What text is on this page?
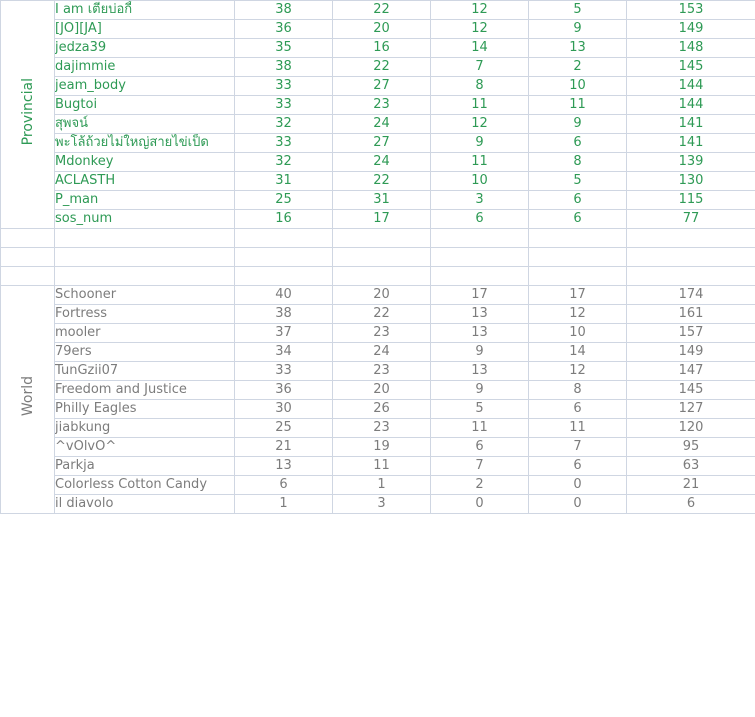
Provincial	I am เตียบ่อกี้	38	22	12	5	153
	[JO][JA]	36	20	12	9	149
	jedza39	35	16	14	13	148
	dajimmie	38	22	7	2	145
	jeam_body	33	27	8	10	144
	Bugtoi	33	23	11	11	144
	สุพจน์	32	24	12	9	141
	พะโล้ถ้วยไม่ใหญ่สายไข่เป็ด	33	27	9	6	141
	Mdonkey	32	24	11	8	139
	ACLASTH	31	22	10	5	130
	P_man	25	31	3	6	115
	sos_num	16	17	6	6	77

World	Schooner	40	20	17	17	174
	Fortress	38	22	13	12	161
	mooler	37	23	13	10	157
	79ers	34	24	9	14	149
	TunGzii07	33	23	13	12	147
	Freedom and Justice	36	20	9	8	145
	Philly Eagles	30	26	5	6	127
	jiabkung	25	23	11	11	120
	^vOlvO^	21	19	6	7	95
	Parkja	13	11	7	6	63
	Colorless Cotton Candy	6	1	2	0	21
	il diavolo	1	3	0	0	6
